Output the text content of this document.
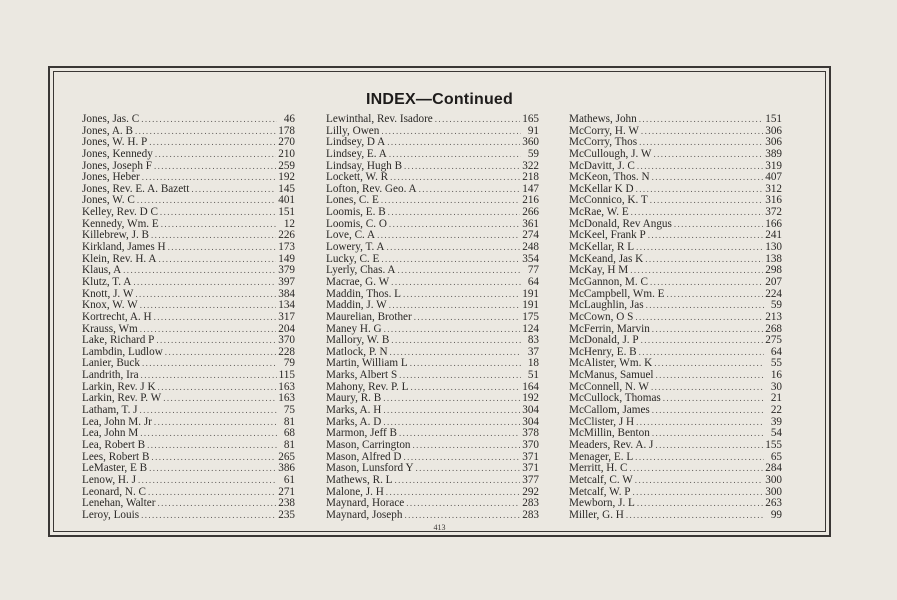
INDEX—Continued
Jones, Jas. C .....	46
Jones, A. B .....	178
Jones, W. H. P .....	270
Jones, Kennedy .....	210
Jones, Joseph F .....	259
Jones, Heber .....	192
Jones, Rev. E. A. Bazett .....	145
Jones, W. C .....	401
Kelley, Rev. D C .....	151
Kennedy, Wm. E .....	12
Killebrew, J. B .....	226
Kirkland, James H .....	173
Klein, Rev. H. A .....	149
Klaus, A .....	379
Klutz, T. A .....	397
Knott, J. W .....	384
Knox, W. W .....	134
Kortrecht, A. H .....	317
Krauss, Wm .....	204
Lake, Richard P .....	370
Lambdin, Ludlow .....	228
Lanier, Buck .....	79
Landrith, Ira .....	115
Larkin, Rev. J K .....	163
Larkin, Rev. P. W .....	163
Latham, T. J .....	75
Lea, John M. Jr .....	81
Lea, John M .....	68
Lea, Robert B .....	81
Lees, Robert B .....	265
LeMaster, E B .....	386
Lenow, H. J .....	61
Leonard, N. C .....	271
Lenehan, Walter .....	238
Leroy, Louis .....	235
Lewinthal, Rev. Isadore .....	165
Lilly, Owen .....	91
Lindsey, D A .....	360
Lindsey, E. A .....	59
Lindsay, Hugh B .....	322
Lockett, W. R .....	218
Lofton, Rev. Geo. A .....	147
Lones, C. E .....	216
Loomis, E. B .....	266
Loomis, C. O .....	361
Love, C. A .....	274
Lowery, T. A .....	248
Lucky, C. E .....	354
Lyerly, Chas. A .....	77
Macrae, G. W .....	64
Maddin, Thos. L .....	191
Maddin, J. W .....	191
Maurelian, Brother .....	175
Maney H. G .....	124
Mallory, W. B .....	83
Matlock, P. N .....	37
Martin, William L .....	18
Marks, Albert S .....	51
Mahony, Rev. P. L .....	164
Maury, R. B .....	192
Marks, A. H .....	304
Marks, A. D .....	304
Marmon, Jeff B .....	378
Mason, Carrington .....	370
Mason, Alfred D .....	371
Mason, Lunsford Y .....	371
Mathews, R. L .....	377
Malone, J. H .....	292
Maynard, Horace .....	283
Maynard, Joseph .....	283
Mathews, John .....	151
McCorry, H. W .....	306
McCorry, Thos .....	306
McCullough, J. W .....	389
McDavitt, J. C .....	319
McKeon, Thos. N .....	407
McKellar K D .....	312
McConnico, K. T .....	316
McRae, W. E .....	372
McDonald, Rev Angus .....	166
McKeel, Frank P .....	241
McKellar, R L .....	130
McKeand, Jas K .....	138
McKay, H M .....	298
McGannon, M. C .....	207
McCampbell, Wm. E .....	224
McLaughlin, Jas .....	59
McCown, O S .....	213
McFerrin, Marvin .....	268
McDonald, J. P .....	275
McHenry, E. B .....	64
McAlister, Wm. K .....	55
McManus, Samuel .....	16
McConnell, N. W .....	30
McCullock, Thomas .....	21
McCallom, James .....	22
McClister, J H .....	39
McMillin, Benton .....	54
Meaders, Rev. A. J .....	155
Menager, E. L .....	65
Merritt, H. C .....	284
Metcalf, C. W .....	300
Metcalf, W. P .....	300
Mewborn, J. L .....	263
Miller, G. H .....	99
413
